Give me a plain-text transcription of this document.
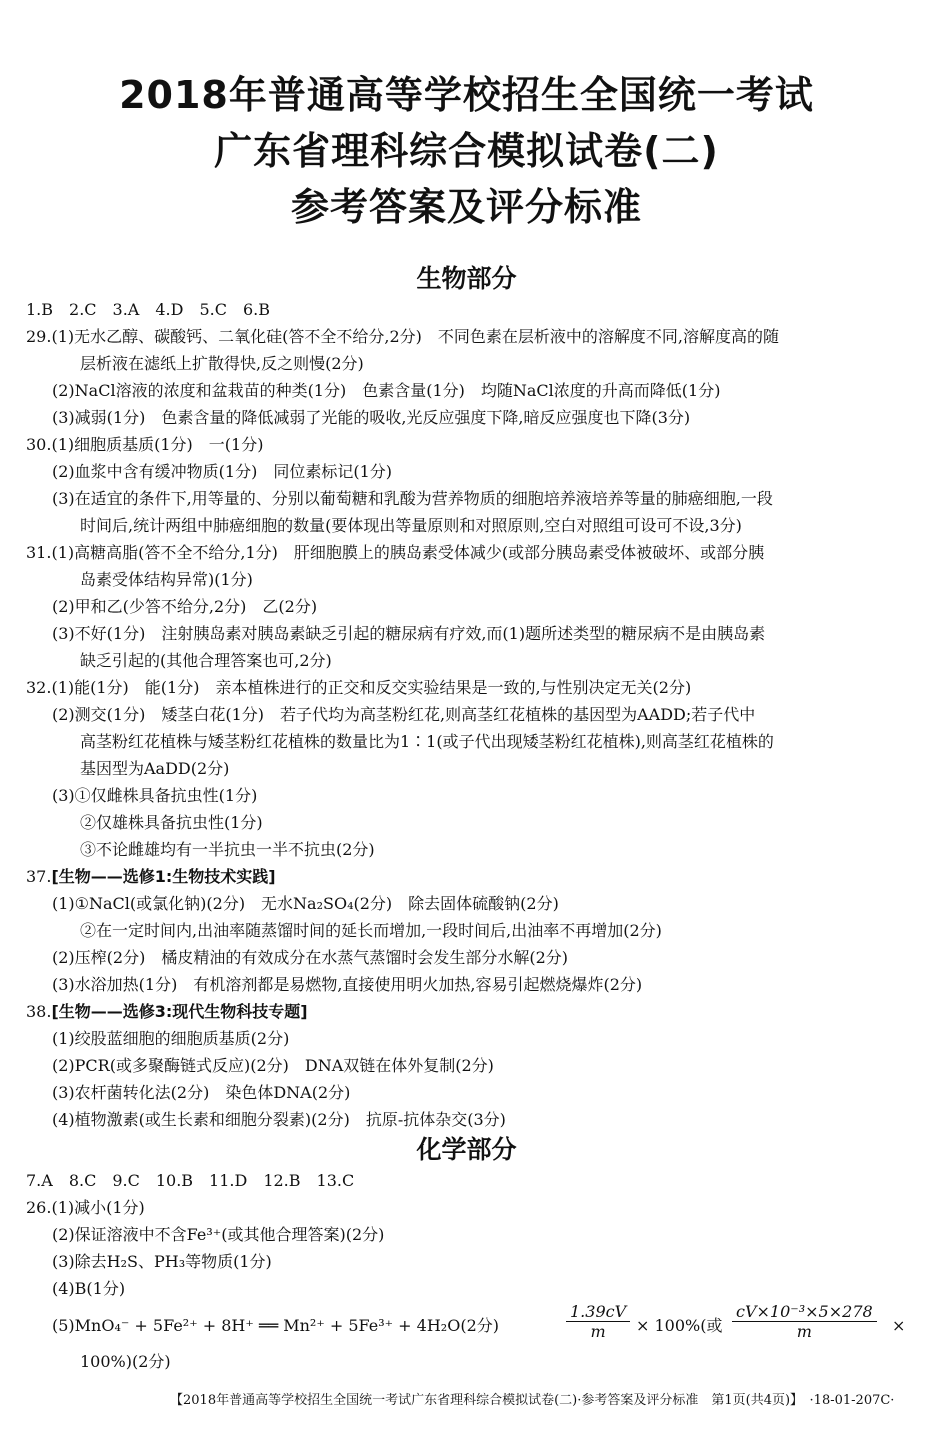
2018年普通高等学校招生全国统一考试
广东省理科综合模拟试卷(二)
参考答案及评分标准
生物部分
1.B　2.C　3.A　4.D　5.C　6.B
29.(1)无水乙醇、碳酸钙、二氧化硅(答不全不给分,2分)　不同色素在层析液中的溶解度不同,溶解度高的随
层析液在滤纸上扩散得快,反之则慢(2分)
(2)NaCl溶液的浓度和盆栽苗的种类(1分)　色素含量(1分)　均随NaCl浓度的升高而降低(1分)
(3)减弱(1分)　色素含量的降低减弱了光能的吸收,光反应强度下降,暗反应强度也下降(3分)
30.(1)细胞质基质(1分)　一(1分)
(2)血浆中含有缓冲物质(1分)　同位素标记(1分)
(3)在适宜的条件下,用等量的、分别以葡萄糖和乳酸为营养物质的细胞培养液培养等量的肺癌细胞,一段
时间后,统计两组中肺癌细胞的数量(要体现出等量原则和对照原则,空白对照组可设可不设,3分)
31.(1)高糖高脂(答不全不给分,1分)　肝细胞膜上的胰岛素受体减少(或部分胰岛素受体被破坏、或部分胰
岛素受体结构异常)(1分)
(2)甲和乙(少答不给分,2分)　乙(2分)
(3)不好(1分)　注射胰岛素对胰岛素缺乏引起的糖尿病有疗效,而(1)题所述类型的糖尿病不是由胰岛素
缺乏引起的(其他合理答案也可,2分)
32.(1)能(1分)　能(1分)　亲本植株进行的正交和反交实验结果是一致的,与性别决定无关(2分)
(2)测交(1分)　矮茎白花(1分)　若子代均为高茎粉红花,则高茎红花植株的基因型为AADD;若子代中
高茎粉红花植株与矮茎粉红花植株的数量比为1∶1(或子代出现矮茎粉红花植株),则高茎红花植株的
基因型为AaDD(2分)
(3)①仅雌株具备抗虫性(1分)
②仅雄株具备抗虫性(1分)
③不论雌雄均有一半抗虫一半不抗虫(2分)
37.[生物——选修1:生物技术实践]
(1)①NaCl(或氯化钠)(2分)　无水Na₂SO₄(2分)　除去固体硫酸钠(2分)
②在一定时间内,出油率随蒸馏时间的延长而增加,一段时间后,出油率不再增加(2分)
(2)压榨(2分)　橘皮精油的有效成分在水蒸气蒸馏时会发生部分水解(2分)
(3)水浴加热(1分)　有机溶剂都是易燃物,直接使用明火加热,容易引起燃烧爆炸(2分)
38.[生物——选修3:现代生物科技专题]
(1)绞股蓝细胞的细胞质基质(2分)
(2)PCR(或多聚酶链式反应)(2分)　DNA双链在体外复制(2分)
(3)农杆菌转化法(2分)　染色体DNA(2分)
(4)植物激素(或生长素和细胞分裂素)(2分)　抗原-抗体杂交(3分)
化学部分
7.A　8.C　9.C　10.B　11.D　12.B　13.C
26.(1)减小(1分)
(2)保证溶液中不含Fe³⁺(或其他合理答案)(2分)
(3)除去H₂S、PH₃等物质(1分)
(4)B(1分)
(5)MnO₄⁻ + 5Fe²⁺ + 8H⁺ ══ Mn²⁺ + 5Fe³⁺ + 4H₂O(2分)	$\frac{1.39cV}{m} \times 100\%$(或 $\frac{\text{cV×10⁻³×5×278}}{m}$ ×
100%)(2分)
【2018年普通高等学校招生全国统一考试广东省理科综合模拟试卷(二)·参考答案及评分标准　第1页(共4页)】　·18-01-207C·
